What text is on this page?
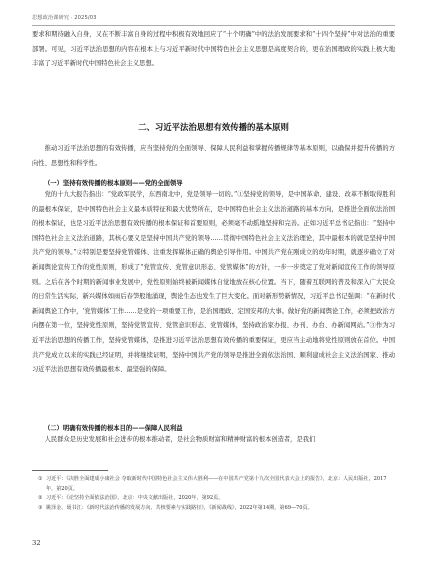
思想政治课研究 · 2025/03

要求和期待融入自身，又在不断丰富自身的过程中积极有效地回应了“十个明确”中的法治发展要求和“十四个坚持”中对法治的重要部署。可见，习近平法治思想的内容在根本上与习近平新时代中国特色社会主义思想是高度契合的，更在治国理政的实践上极大地丰富了习近平新时代中国特色社会主义思想。

二、习近平法治思想有效传播的基本原则

推动习近平法治思想的有效传播，应当坚持党的全面领导、保障人民利益和掌握传播规律等基本原则，以确保并提升传播的方向性、思想性和科学性。

（一）坚持有效传播的根本原则——党的全面领导

党的十九大报告指出：“党政军民学，东西南北中，党是领导一切的。”①坚持党的领导，是中国革命、建设、改革不断取得胜利的最根本保证，是中国特色社会主义最本质特征和最大优势所在，是中国特色社会主义法治道路的基本方向，是推进全面依法治国的根本保证，也是习近平法治思想有效传播的根本保证和首要原则，必须毫不动摇地坚持和完善。正如习近平总书记指出：“坚持中国特色社会主义法治道路，其核心要义是坚持中国共产党的领导……贯彻中国特色社会主义法治理论，其中最根本的就是坚持中国共产党的领导。”②特别是要坚持党管媒体、注重发挥媒体正确的舆论引导作用。中国共产党在刚成立的幼年时期，就逐步确立了对新闻舆论宣传工作的党性原则，形成了“党管宣传、党管意识形态、党管媒体”的方针，一步一步奠定了党对新闻宣传工作的领导原则。之后在各个时期的新闻事业发展中，党性原则始终被新闻媒体自觉地放在核心位置。当下，随着互联网的普及和深入广大民众的日常生活实际，新兴媒体如雨后春笋般地涌现，舆论生态也发生了巨大变化。面对新形势新情况，习近平总书记强调：“在新时代新闻舆论工作中，‘党管媒体’工作……是党的一项重要工作，是治国理政、定国安邦的大事。做好党的新闻舆论工作，必须把政治方向摆在第一位，坚持党性原则，坚持党管宣传、党管意识形态、党管媒体，坚持政治家办报、办刊、办台、办新闻网站。”③作为习近平法治思想的传播工作，坚持党管媒体，是推进习近平法治思想有效传播的重要保证，更应当主动地将党性原则放在首位。中国共产党成立以来的实践已经证明，并将继续证明，坚持中国共产党的领导是推进全面依法治国、顺利建成社会主义法治国家、推动习近平法治思想有效传播最根本、最坚强的保障。

（二）明确有效传播的根本目的——保障人民利益

人民群众是历史发展和社会进步的根本推动者，是社会物质财富和精神财富的根本创造者，是我们

① 习近平：《决胜全面建成小康社会 夺取新时代中国特色社会主义伟大胜利——在中国共产党第十九次全国代表大会上的报告》，北京：人民出版社，2017年，第20页。

② 习近平：《论坚持全面依法治国》，北京：中央文献出版社，2020年，第92页。

③ 姚泽金、聂书江：《新时代法治传播的发展方向、共核要素与实践路径》，《新闻战线》，2022年第14期，第69—70页。

32
